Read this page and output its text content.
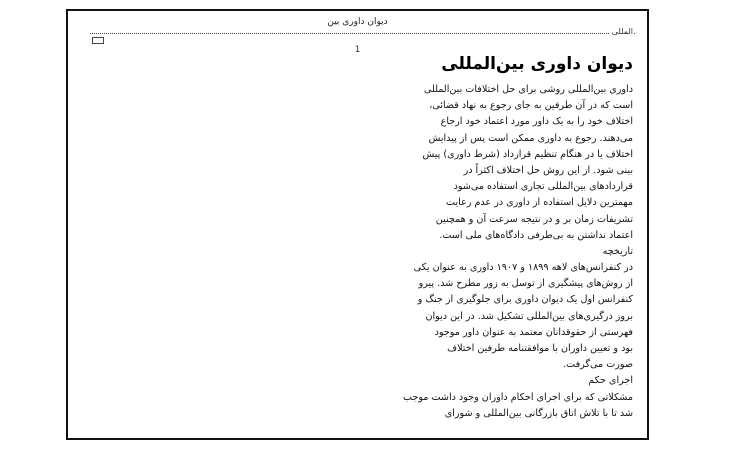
دیوان داوری بین
المللی
1
دیوان داوری بین‌المللی
داوری بین‌المللی روشی برای حل اختلافات بین‌المللی
است که در آن طرفین به جای رجوع به نهاد قضائی،
اختلاف خود را به یک داور مورد اعتماد خود ارجاع
می‌دهند. رجوع به داوری ممکن است پس از پیدایش
اختلاف یا در هنگام تنظیم قرارداد (شرط داوری) پیش
بینی شود. از این روش حل اختلاف اکثراً در
قراردادهای بین‌المللی تجاری استفاده می‌شود
مهمترین دلایل استفاده از داوری در عدم رعایت
تشریفات زمان بر و در نتیجه سرعت آن و همچنین
اعتماد نداشتن به بی‌طرفی دادگاه‌های ملی است.
تاریخچه
در کنفرانس‌های لاهه ۱۸۹۹ و ۱۹۰۷ داوری به عنوان یکی
از روش‌های پیشگیری از توسل به زور مطرح شد. پیرو
کنفرانس اول یک دیوان داوری برای جلوگیری از جنگ و
بروز درگیری‌های بین‌المللی تشکیل شد. در این دیوان
فهرستی از حقوقدانان معتمد به عنوان داور موجود
بود و تعیین داوران با موافقتنامه طرفین اختلاف
صورت می‌گرفت.
اجرای حکم
مشکلاتی که برای اجرای احکام داوران وجود داشت موجب
شد تا با تلاش اتاق بازرگانی بین‌المللی و شورای
